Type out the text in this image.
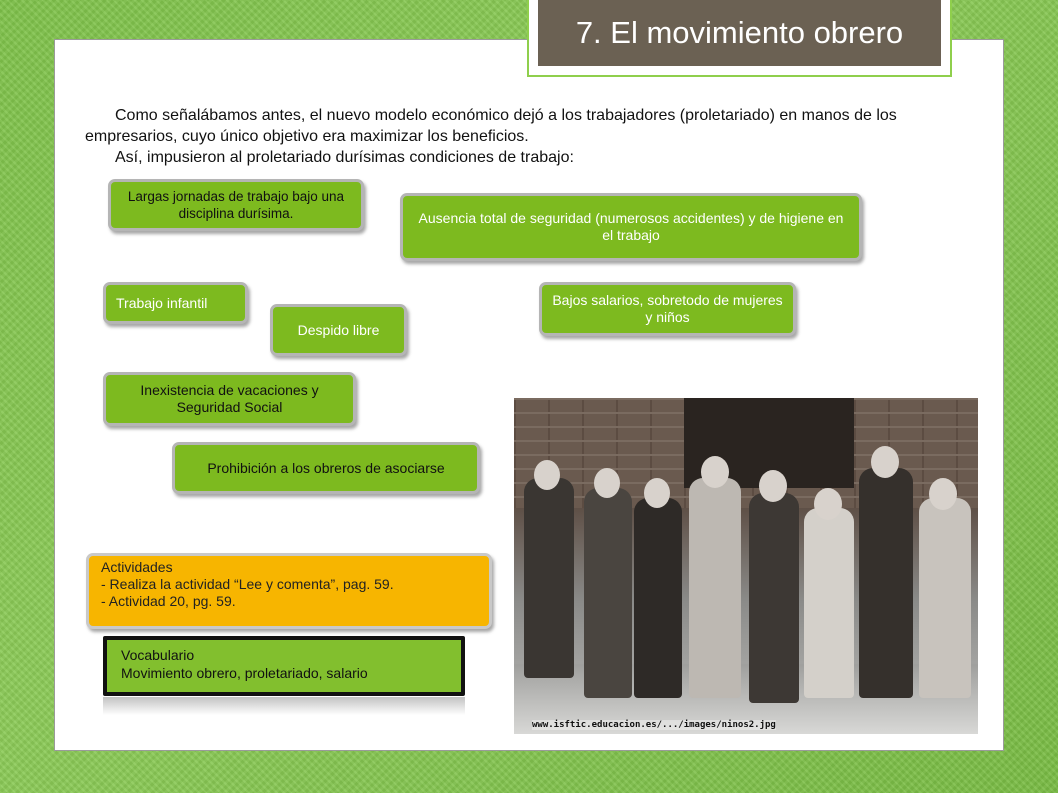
7. El movimiento obrero

Como señalábamos antes, el nuevo modelo económico dejó a los trabajadores (proletariado) en manos de los empresarios, cuyo único objetivo era maximizar los beneficios.

Así, impusieron al proletariado durísimas condiciones de trabajo:

Largas jornadas de trabajo bajo una disciplina durísima.	Ausencia total de seguridad (numerosos accidentes) y de higiene en el trabajo
Trabajo infantil
Despido libre
Bajos salarios, sobretodo de mujeres y niños
Inexistencia de vacaciones y Seguridad Social
Prohibición a los obreros de asociarse
Actividades
- Realiza la actividad “Lee y comenta”, pag. 59.
- Actividad 20, pg. 59.
Vocabulario
Movimiento obrero, proletariado, salario
www.isftic.educacion.es/.../images/ninos2.jpg
